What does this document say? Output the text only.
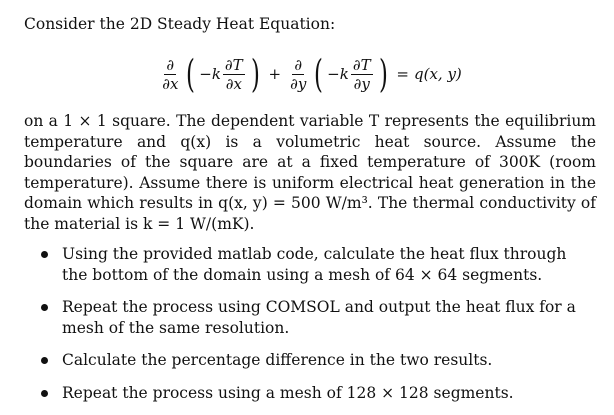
Consider the 2D Steady Heat Equation:

$\frac{\partial}{\partial x}$ ( $-k \frac{\partial T}{\partial x}$ ) + $\frac{\partial}{\partial y}$ ( $-k \frac{\partial T}{\partial y}$ ) = q(x, y)

on a 1 × 1 square. The dependent variable T represents the equilibrium temperature and q(x) is a volumetric heat source. Assume the boundaries of the square are at a fixed temperature of 300K (room temperature). Assume there is uniform electrical heat generation in the domain which results in q(x, y) = 500 W/m³. The thermal conductivity of the material is k = 1 W/(mK).

Using the provided matlab code, calculate the heat flux through the bottom of the domain using a mesh of 64 × 64 segments.
Repeat the process using COMSOL and output the heat flux for a mesh of the same resolution.
Calculate the percentage difference in the two results.
Repeat the process using a mesh of 128 × 128 segments.
